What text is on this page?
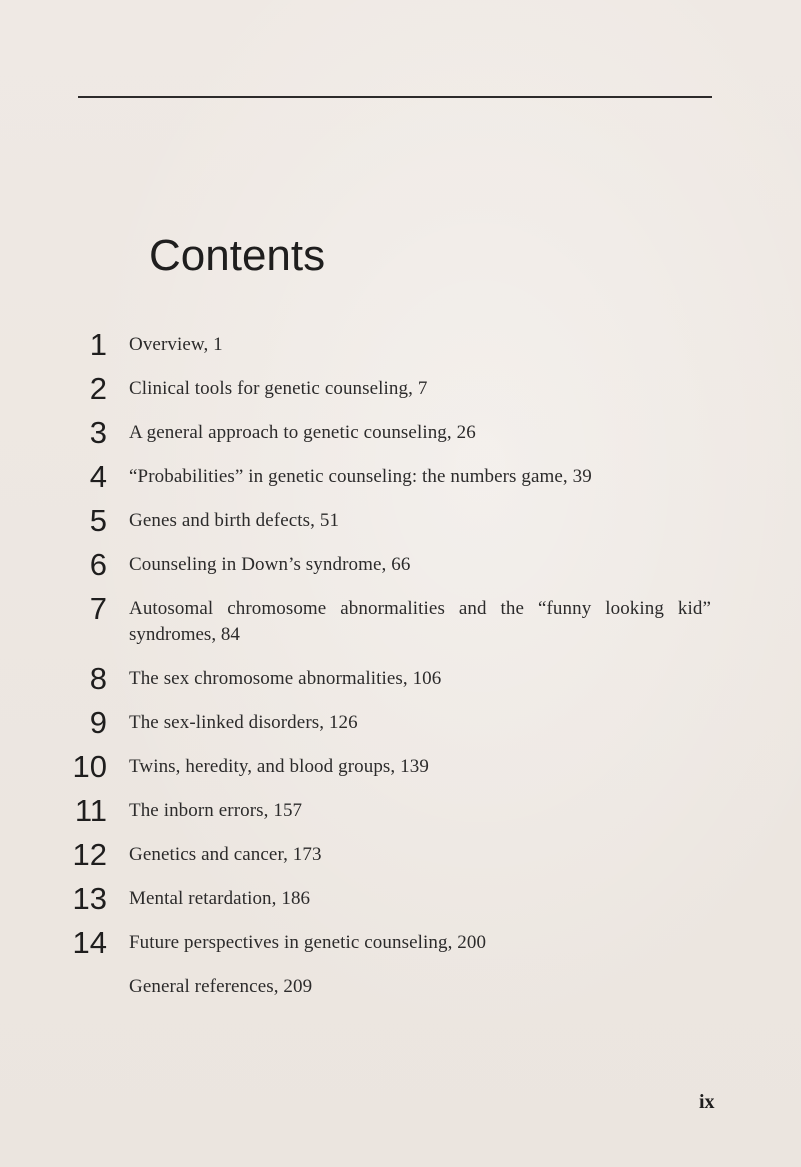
Contents
1 Overview, 1
2 Clinical tools for genetic counseling, 7
3 A general approach to genetic counseling, 26
4 “Probabilities” in genetic counseling: the numbers game, 39
5 Genes and birth defects, 51
6 Counseling in Down’s syndrome, 66
7 Autosomal chromosome abnormalities and the “funny looking kid”
syndromes, 84
8 The sex chromosome abnormalities, 106
9 The sex-linked disorders, 126
10 Twins, heredity, and blood groups, 139
11 The inborn errors, 157
12 Genetics and cancer, 173
13 Mental retardation, 186
14 Future perspectives in genetic counseling, 200
General references, 209
ix
